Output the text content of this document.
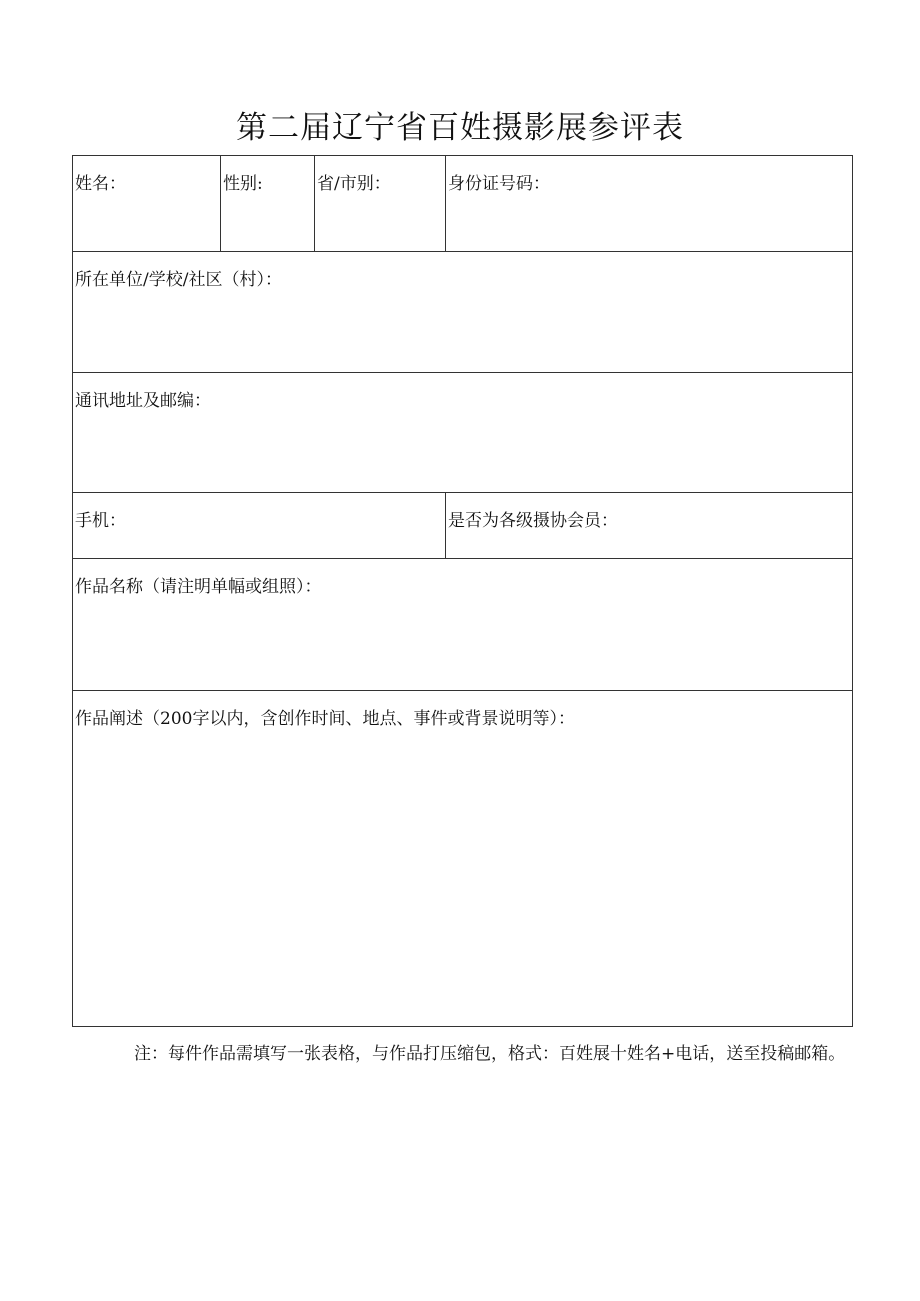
第二届辽宁省百姓摄影展参评表
姓名：	性别:	省/市别：	身份证号码：
所在单位/学校/社区（村）：			
通讯地址及邮编：			
手机：			是否为各级摄协会员：
作品名称（请注明单幅或组照）：			
作品阐述（200字以内，含创作时间、地点、事件或背景说明等）：			

注：每件作品需填写一张表格，与作品打压缩包，格式：百姓展十姓名+电话，送至投稿邮箱。
